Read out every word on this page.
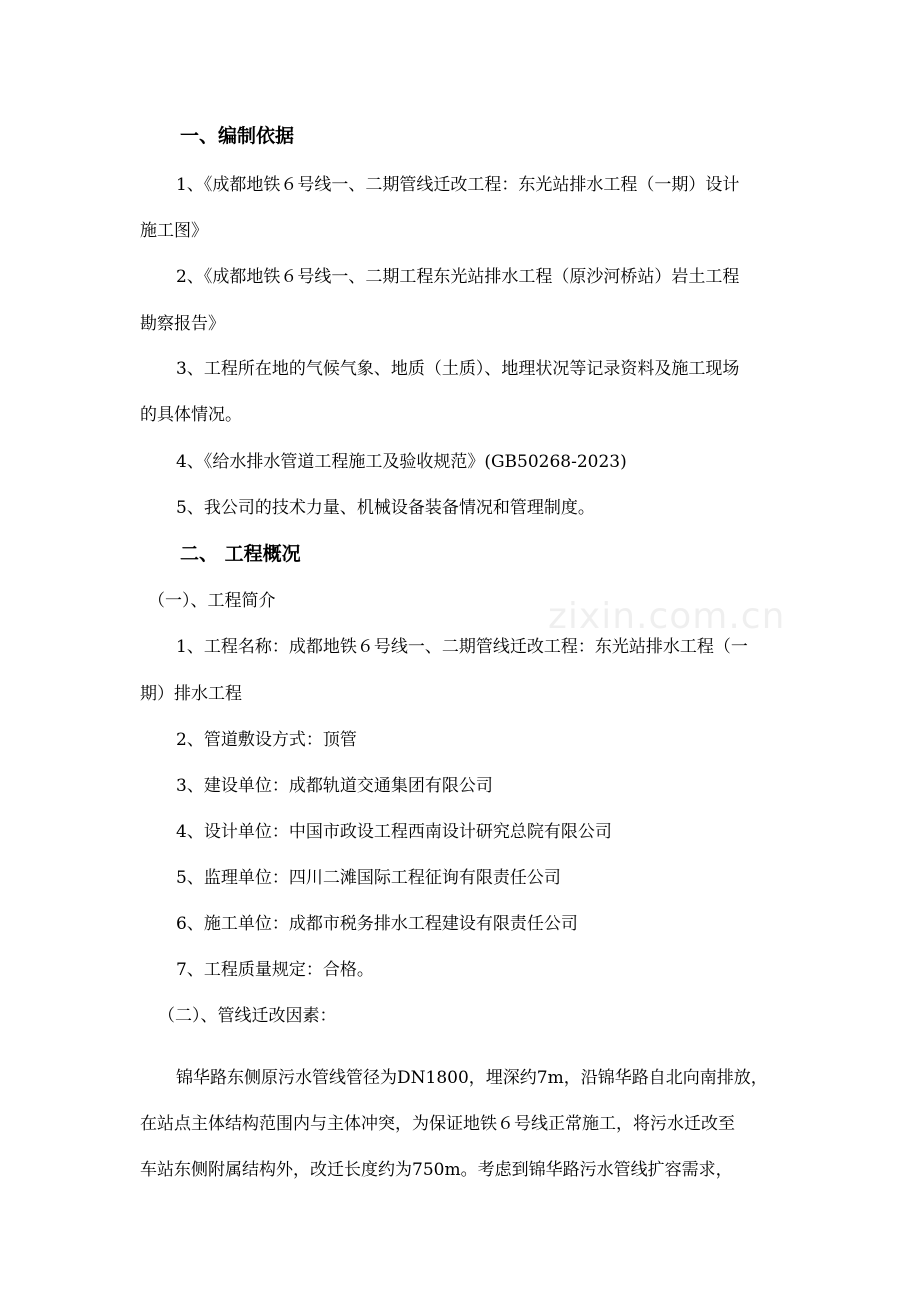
一、编制依据
1、《成都地铁６号线一、二期管线迁改工程：东光站排水工程（一期）设计
施工图》
2、《成都地铁６号线一、二期工程东光站排水工程（原沙河桥站）岩土工程
勘察报告》
3、工程所在地的气候气象、地质（土质）、地理状况等记录资料及施工现场
的具体情况。
4、《给水排水管道工程施工及验收规范》(GB50268-2023)
5、我公司的技术力量、机械设备装备情况和管理制度。
二、 工程概况
（一）、工程简介
1、工程名称：成都地铁６号线一、二期管线迁改工程：东光站排水工程（一
期）排水工程
2、管道敷设方式：顶管
3、建设单位：成都轨道交通集团有限公司
4、设计单位：中国市政设工程西南设计研究总院有限公司
5、监理单位：四川二滩国际工程征询有限责任公司
6、施工单位：成都市税务排水工程建设有限责任公司
7、工程质量规定：合格。
（二）、管线迁改因素：
锦华路东侧原污水管线管径为DN1800，埋深约7m，沿锦华路自北向南排放，
在站点主体结构范围内与主体冲突，为保证地铁６号线正常施工，将污水迁改至
车站东侧附属结构外，改迁长度约为750m。考虑到锦华路污水管线扩容需求，
zixin.com.cn
